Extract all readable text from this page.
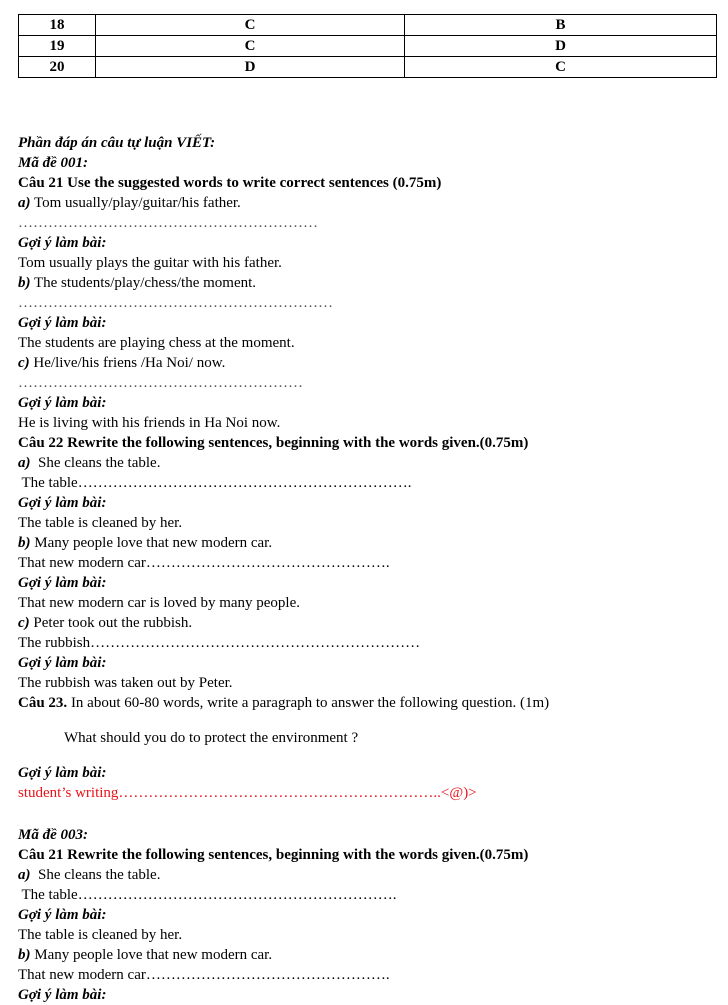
18	C	B
19	C	D
20	D	C
Phần đáp án câu tự luận VIẾT:
Mã đề 001:
Câu 21 Use the suggested words to write correct sentences (0.75m)
a) Tom usually/play/guitar/his father.
……………………………………………………
Gợi ý làm bài:
Tom usually plays the guitar with his father.
b) The students/play/chess/the moment.
………………………………………………………
Gợi ý làm bài:
The students are playing chess at the moment.
c) He/live/his friens /Ha Noi/ now.
…………………………………………………
Gợi ý làm bài:
He is living with his friends in Ha Noi now.
Câu 22 Rewrite the following sentences, beginning with the words given.(0.75m)
a)  She cleans the table.
The table………………………………………………………….
Gợi ý làm bài:
The table is cleaned by her.
b) Many people love that new modern car.
That new modern car………………………………………….
Gợi ý làm bài:
That new modern car is loved by many people.
c) Peter took out the rubbish.
The rubbish…………………………………………………………
Gợi ý làm bài:
The rubbish was taken out by Peter.
Câu 23. In about 60-80 words, write a paragraph to answer the following question. (1m)
What should you do to protect the environment ?
Gợi ý làm bài:
student’s writing………………………………………………………..<@)>
Mã đề 003:
Câu 21 Rewrite the following sentences, beginning with the words given.(0.75m)
a)  She cleans the table.
The table……………………………………………………….
Gợi ý làm bài:
The table is cleaned by her.
b) Many people love that new modern car.
That new modern car………………………………………….
Gợi ý làm bài:
